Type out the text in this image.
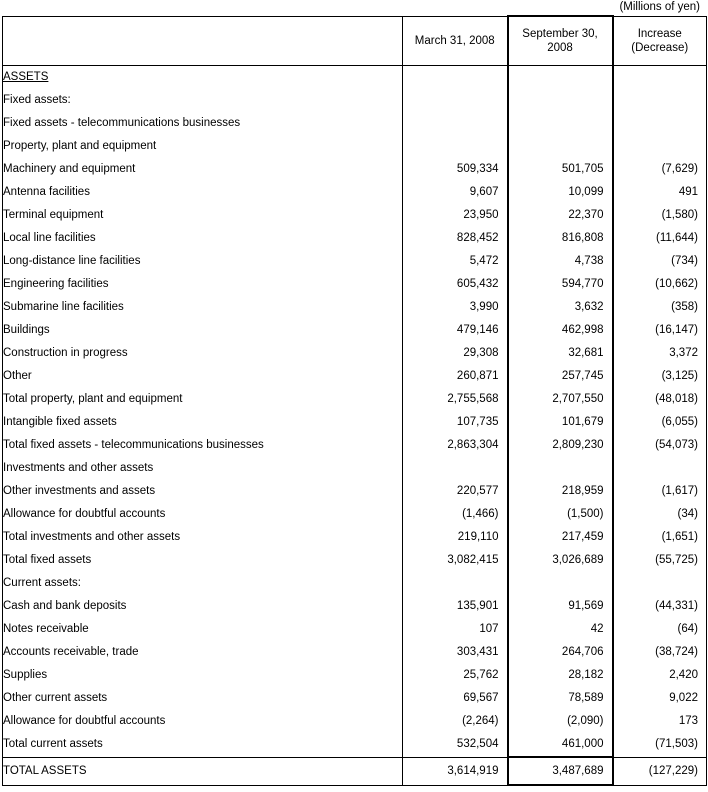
(Millions of yen)

	March 31, 2008	September 30, 2008	Increase
(Decrease)

ASSETS			
Fixed assets:			
Fixed assets - telecommunications businesses			
Property, plant and equipment			
Machinery and equipment	509,334	501,705	(7,629)
Antenna facilities	9,607	10,099	491
Terminal equipment	23,950	22,370	(1,580)
Local line facilities	828,452	816,808	(11,644)
Long-distance line facilities	5,472	4,738	(734)
Engineering facilities	605,432	594,770	(10,662)
Submarine line facilities	3,990	3,632	(358)
Buildings	479,146	462,998	(16,147)
Construction in progress	29,308	32,681	3,372
Other	260,871	257,745	(3,125)
Total property, plant and equipment	2,755,568	2,707,550	(48,018)
Intangible fixed assets	107,735	101,679	(6,055)
Total fixed assets - telecommunications businesses	2,863,304	2,809,230	(54,073)
Investments and other assets			
Other investments and assets	220,577	218,959	(1,617)
Allowance for doubtful accounts	(1,466)	(1,500)	(34)
Total investments and other assets	219,110	217,459	(1,651)
Total fixed assets	3,082,415	3,026,689	(55,725)
Current assets:			
Cash and bank deposits	135,901	91,569	(44,331)
Notes receivable	107	42	(64)
Accounts receivable, trade	303,431	264,706	(38,724)
Supplies	25,762	28,182	2,420
Other current assets	69,567	78,589	9,022
Allowance for doubtful accounts	(2,264)	(2,090)	173
Total current assets	532,504	461,000	(71,503)
TOTAL ASSETS	3,614,919	3,487,689	(127,229)
